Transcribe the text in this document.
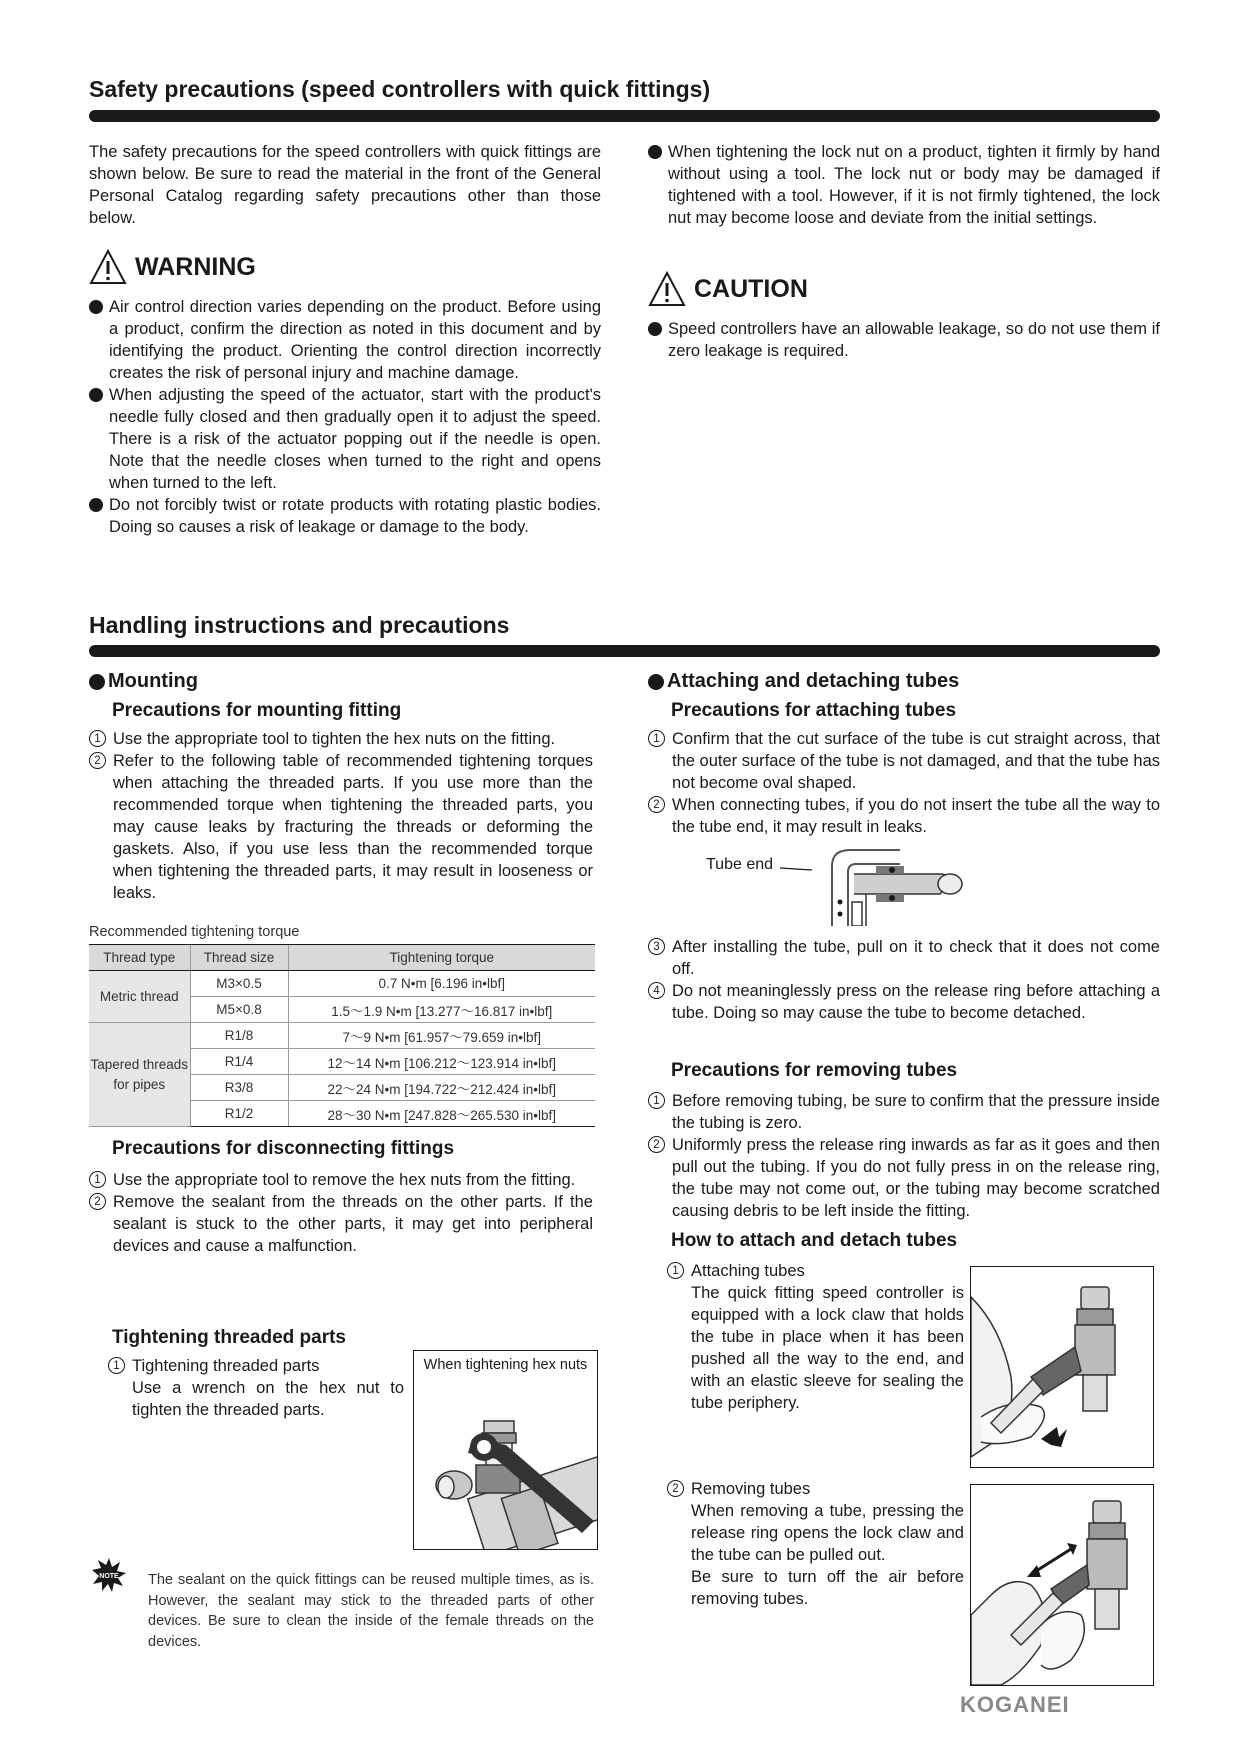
Safety precautions (speed controllers with quick fittings)
The safety precautions for the speed controllers with quick fittings are shown below. Be sure to read the material in the front of the General Personal Catalog regarding safety precautions other than those below.
WARNING
Air control direction varies depending on the product. Before using a product, confirm the direction as noted in this document and by identifying the product. Orienting the control direction incorrectly creates the risk of personal injury and machine damage.
When adjusting the speed of the actuator, start with the product's needle fully closed and then gradually open it to adjust the speed. There is a risk of the actuator popping out if the needle is open. Note that the needle closes when turned to the right and opens when turned to the left.
Do not forcibly twist or rotate products with rotating plastic bodies. Doing so causes a risk of leakage or damage to the body.
When tightening the lock nut on a product, tighten it firmly by hand without using a tool. The lock nut or body may be damaged if tightened with a tool. However, if it is not firmly tightened, the lock nut may become loose and deviate from the initial settings.
CAUTION
Speed controllers have an allowable leakage, so do not use them if zero leakage is required.
Handling instructions and precautions
Mounting
Precautions for mounting fitting
1 Use the appropriate tool to tighten the hex nuts on the fitting.
2 Refer to the following table of recommended tightening torques when attaching the threaded parts. If you use more than the recommended torque when tightening the threaded parts, you may cause leaks by fracturing the threads or deforming the gaskets. Also, if you use less than the recommended torque when tightening the threaded parts, it may result in looseness or leaks.
Recommended tightening torque
Thread type	Thread size	Tightening torque
Metric thread	M3×0.5	0.7 N•m [6.196 in•lbf]
	M5×0.8	1.5～1.9 N•m [13.277～16.817 in•lbf]
Tapered threads for pipes	R1/8	7～9 N•m [61.957～79.659 in•lbf]
	R1/4	12～14 N•m [106.212～123.914 in•lbf]
	R3/8	22～24 N•m [194.722～212.424 in•lbf]
	R1/2	28～30 N•m [247.828～265.530 in•lbf]
Precautions for disconnecting fittings
1 Use the appropriate tool to remove the hex nuts from the fitting.
2 Remove the sealant from the threads on the other parts. If the sealant is stuck to the other parts, it may get into peripheral devices and cause a malfunction.
Tightening threaded parts
1 Tightening threaded parts
Use a wrench on the hex nut to tighten the threaded parts.
When tightening hex nuts
NOTE The sealant on the quick fittings can be reused multiple times, as is. However, the sealant may stick to the threaded parts of other devices. Be sure to clean the inside of the female threads on the devices.
Attaching and detaching tubes
Precautions for attaching tubes
1 Confirm that the cut surface of the tube is cut straight across, that the outer surface of the tube is not damaged, and that the tube has not become oval shaped.
2 When connecting tubes, if you do not insert the tube all the way to the tube end, it may result in leaks.
Tube end
3 After installing the tube, pull on it to check that it does not come off.
4 Do not meaninglessly press on the release ring before attaching a tube. Doing so may cause the tube to become detached.
Precautions for removing tubes
1 Before removing tubing, be sure to confirm that the pressure inside the tubing is zero.
2 Uniformly press the release ring inwards as far as it goes and then pull out the tubing. If you do not fully press in on the release ring, the tube may not come out, or the tubing may become scratched causing debris to be left inside the fitting.
How to attach and detach tubes
1 Attaching tubes
The quick fitting speed controller is equipped with a lock claw that holds the tube in place when it has been pushed all the way to the end, and with an elastic sleeve for sealing the tube periphery.
2 Removing tubes
When removing a tube, pressing the release ring opens the lock claw and the tube can be pulled out.
Be sure to turn off the air before removing tubes.
KOGANEI
